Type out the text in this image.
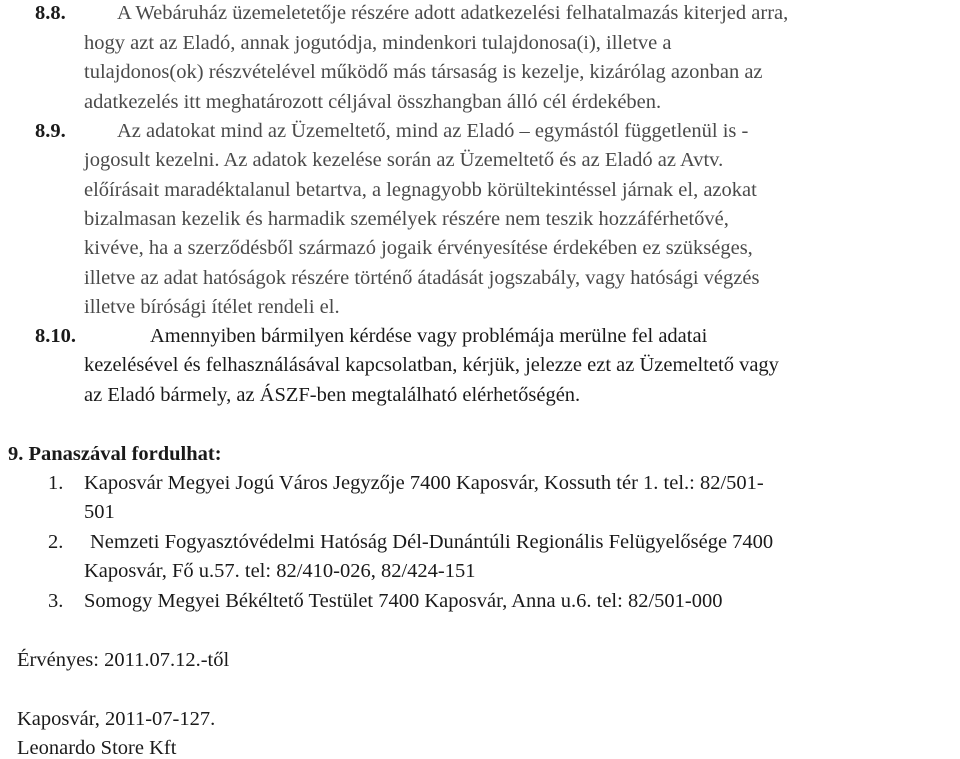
8.8.	A Webáruház üzemeletetője részére adott adatkezelési felhatalmazás kiterjed arra,
hogy azt az Eladó, annak jogutódja, mindenkori tulajdonosa(i), illetve a
tulajdonos(ok) részvételével működő más társaság is kezelje, kizárólag azonban az
adatkezelés itt meghatározott céljával összhangban álló cél érdekében.
8.9.	Az adatokat mind az Üzemeltető, mind az Eladó – egymástól függetlenül is -
jogosult kezelni. Az adatok kezelése során az Üzemeltető és az Eladó az Avtv.
előírásait maradéktalanul betartva, a legnagyobb körültekintéssel járnak el, azokat
bizalmasan kezelik és harmadik személyek részére nem teszik hozzáférhetővé,
kivéve, ha a szerződésből származó jogaik érvényesítése érdekében ez szükséges,
illetve az adat hatóságok részére történő átadását jogszabály, vagy hatósági végzés
illetve bírósági ítélet rendeli el.
8.10.	Amennyiben bármilyen kérdése vagy problémája merülne fel adatai
kezelésével és felhasználásával kapcsolatban, kérjük, jelezze ezt az Üzemeltető vagy
az Eladó bármely, az ÁSZF-ben megtalálható elérhetőségén.
9. Panaszával fordulhat:
1. Kaposvár Megyei Jogú Város Jegyzője 7400 Kaposvár, Kossuth tér 1. tel.: 82/501-
501
2. Nemzeti Fogyasztóvédelmi Hatóság Dél-Dunántúli Regionális Felügyelősége 7400
Kaposvár, Fő u.57. tel: 82/410-026, 82/424-151
3. Somogy Megyei Békéltető Testület 7400 Kaposvár, Anna u.6. tel: 82/501-000
Érvényes: 2011.07.12.-től
Kaposvár, 2011-07-127.
Leonardo Store Kft
